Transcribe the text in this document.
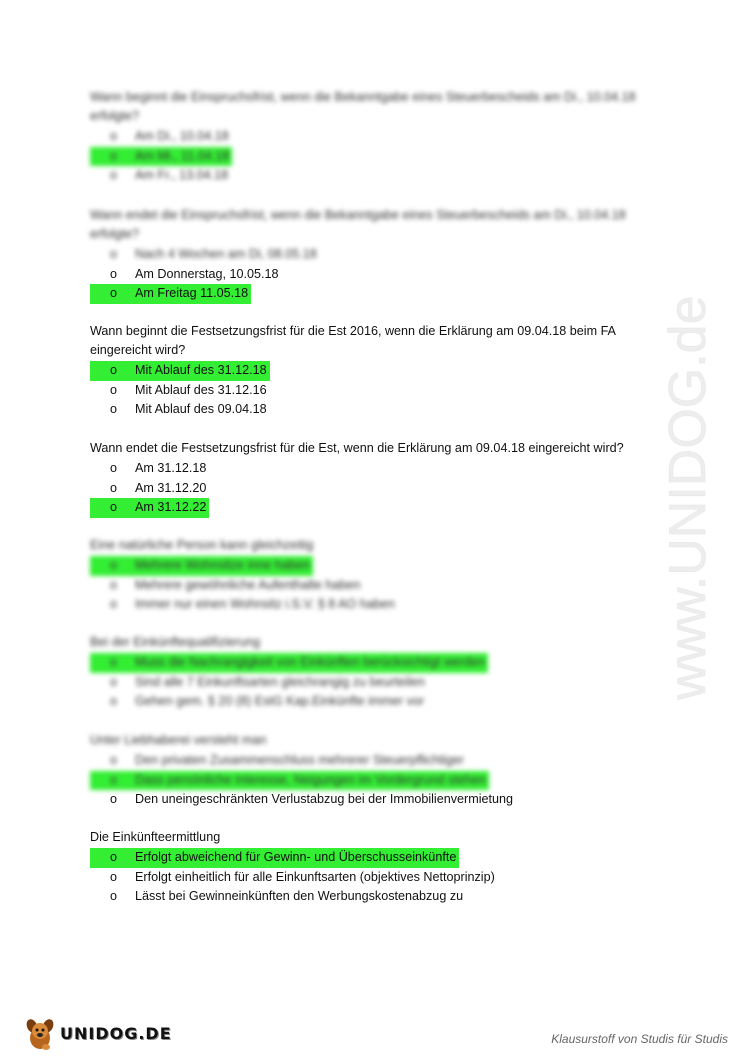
Wann beginnt die Einspruchsfrist, wenn die Bekanntgabe eines Steuerbescheids am Di., 10.04.18 erfolgte?

o Am Di., 10.04.18
o Am Mi., 11.04.18
o Am Fr., 13.04.18

Wann endet die Einspruchsfrist, wenn die Bekanntgabe eines Steuerbescheids am Di., 10.04.18 erfolgte?

o Nach 4 Wochen am Di, 08.05.18
o Am Donnerstag, 10.05.18
o Am Freitag 11.05.18

Wann beginnt die Festsetzungsfrist für die Est 2016, wenn die Erklärung am 09.04.18 beim FA eingereicht wird?

o Mit Ablauf des 31.12.18
o Mit Ablauf des 31.12.16
o Mit Ablauf des 09.04.18

Wann endet die Festsetzungsfrist für die Est, wenn die Erklärung am 09.04.18 eingereicht wird?

o Am 31.12.18
o Am 31.12.20
o Am 31.12.22

Eine natürliche Person kann gleichzeitig

o Mehrere Wohnsitze inne haben
o Mehrere gewöhnliche Aufenthalte haben
o Immer nur einen Wohnsitz i.S.V. § 8 AO haben

Bei der Einkünftequalifizierung

o Muss die Nachrangigkeit von Einkünften berücksichtigt werden
o Sind alle 7 Einkunftsarten gleichrangig zu beurteilen
o Gehen gem. § 20 (8) EstG Kap.Einkünfte immer vor

Unter Liebhaberei versteht man

o Den privaten Zusammenschluss mehrerer Steuerpflichtiger
o Dass persönliche Interesse, Neigungen im Vordergrund stehen
o Den uneingeschränkten Verlustabzug bei der Immobilienvermietung

Die Einkünfteermittlung

o Erfolgt abweichend für Gewinn- und Überschusseinkünfte
o Erfolgt einheitlich für alle Einkunftsarten (objektives Nettoprinzip)
o Lässt bei Gewinneinkünften den Werbungskostenabzug zu
www.UNIDOG.de
UNIDOG.DE	Klausurstoff von Studis für Studis
